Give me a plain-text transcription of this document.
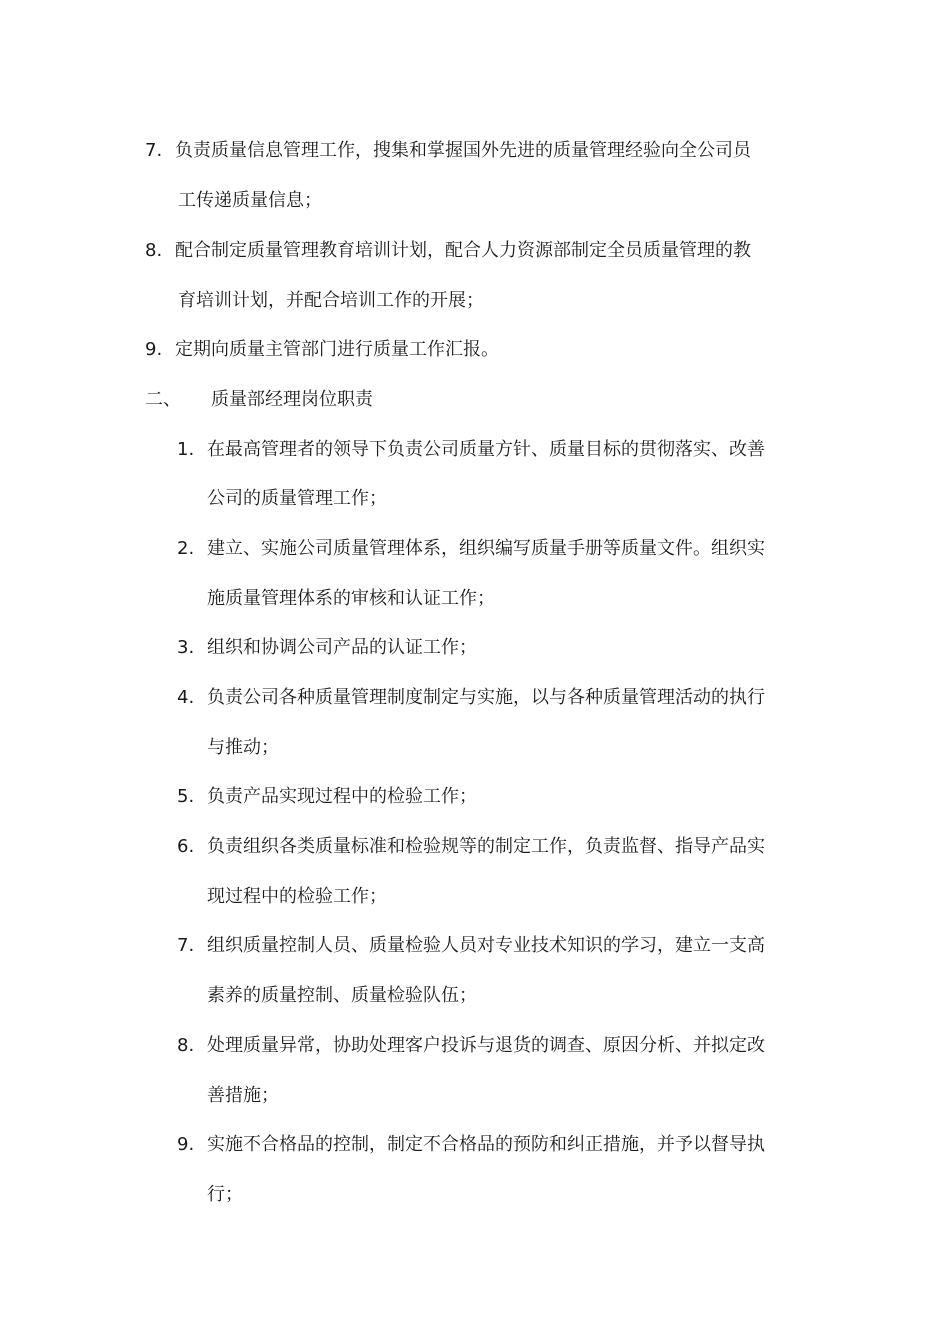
7. 负责质量信息管理工作，搜集和掌握国外先进的质量管理经验向全公司员
工传递质量信息；
8. 配合制定质量管理教育培训计划，配合人力资源部制定全员质量管理的教
育培训计划，并配合培训工作的开展；
9. 定期向质量主管部门进行质量工作汇报。
二、 质量部经理岗位职责
1. 在最高管理者的领导下负责公司质量方针、质量目标的贯彻落实、改善
公司的质量管理工作；
2. 建立、实施公司质量管理体系，组织编写质量手册等质量文件。组织实
施质量管理体系的审核和认证工作；
3. 组织和协调公司产品的认证工作；
4. 负责公司各种质量管理制度制定与实施，以与各种质量管理活动的执行
与推动；
5. 负责产品实现过程中的检验工作；
6. 负责组织各类质量标准和检验规等的制定工作，负责监督、指导产品实
现过程中的检验工作；
7. 组织质量控制人员、质量检验人员对专业技术知识的学习，建立一支高
素养的质量控制、质量检验队伍；
8. 处理质量异常，协助处理客户投诉与退货的调查、原因分析、并拟定改
善措施；
9. 实施不合格品的控制，制定不合格品的预防和纠正措施，并予以督导执
行；
